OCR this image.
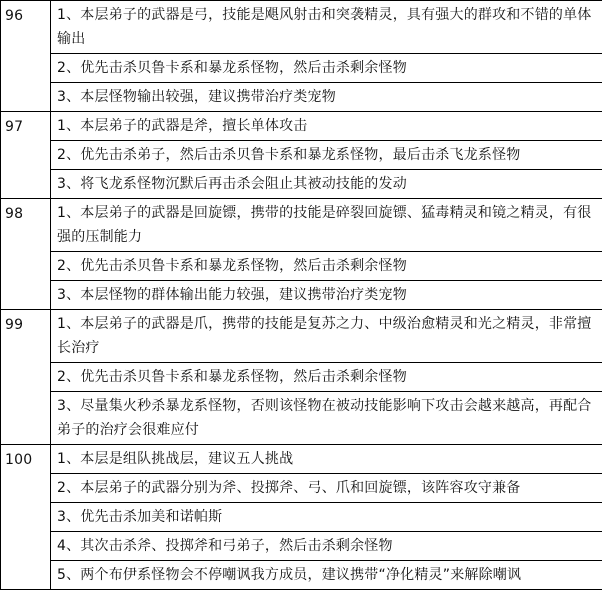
96	1、本层弟子的武器是弓，技能是飓风射击和突袭精灵，具有强大的群攻和不错的单体输出
	2、优先击杀贝鲁卡系和暴龙系怪物，然后击杀剩余怪物
	3、本层怪物输出较强，建议携带治疗类宠物
97	1、本层弟子的武器是斧，擅长单体攻击
	2、优先击杀弟子，然后击杀贝鲁卡系和暴龙系怪物，最后击杀飞龙系怪物
	3、将飞龙系怪物沉默后再击杀会阻止其被动技能的发动
98	1、本层弟子的武器是回旋镖，携带的技能是碎裂回旋镖、猛毒精灵和镜之精灵，有很强的压制能力
	2、优先击杀贝鲁卡系和暴龙系怪物，然后击杀剩余怪物
	3、本层怪物的群体输出能力较强，建议携带治疗类宠物
99	1、本层弟子的武器是爪，携带的技能是复苏之力、中级治愈精灵和光之精灵，非常擅长治疗
	2、优先击杀贝鲁卡系和暴龙系怪物，然后击杀剩余怪物
	3、尽量集火秒杀暴龙系怪物，否则该怪物在被动技能影响下攻击会越来越高，再配合弟子的治疗会很难应付
100	1、本层是组队挑战层，建议五人挑战
	2、本层弟子的武器分别为斧、投掷斧、弓、爪和回旋镖，该阵容攻守兼备
	3、优先击杀加美和诺帕斯
	4、其次击杀斧、投掷斧和弓弟子，然后击杀剩余怪物
	5、两个布伊系怪物会不停嘲讽我方成员，建议携带“净化精灵”来解除嘲讽
